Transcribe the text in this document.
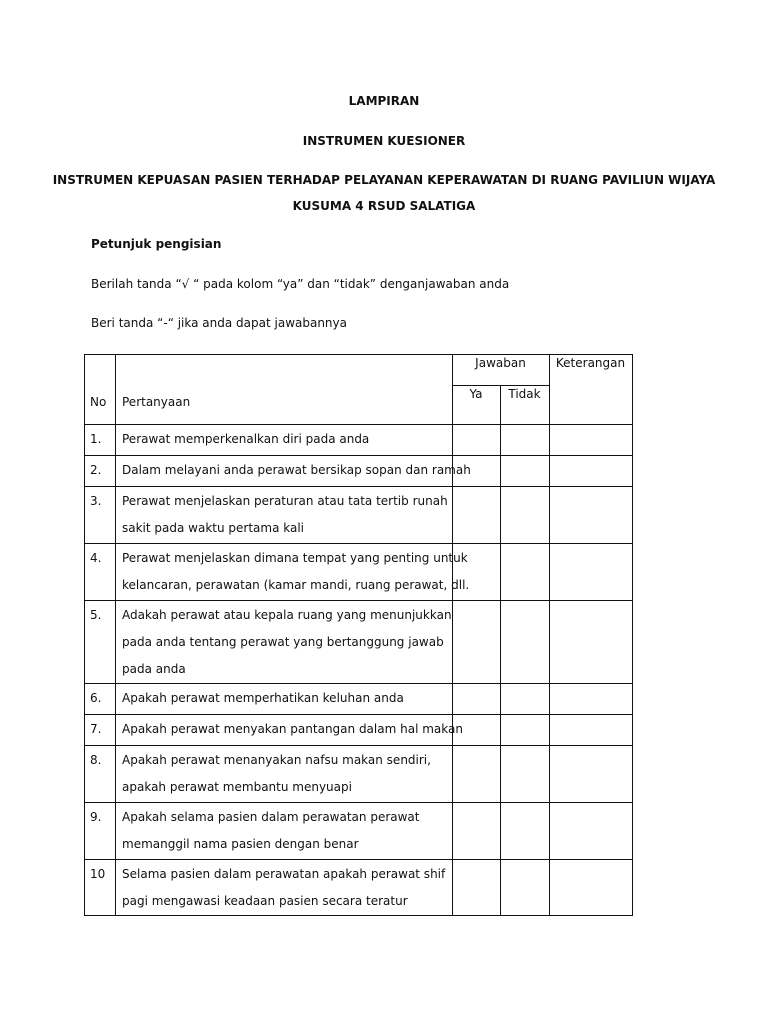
LAMPIRAN
INSTRUMEN KUESIONER
INSTRUMEN KEPUASAN PASIEN TERHADAP PELAYANAN KEPERAWATAN DI RUANG PAVILIUN WIJAYA
KUSUMA 4 RSUD SALATIGA
Petunjuk pengisian
Berilah tanda “√ “ pada kolom “ya” dan “tidak” denganjawaban anda
Beri tanda “-“ jika anda dapat jawabannya
No Pertanyaan
Jawaban
Ya	Tidak
Keterangan
1. Perawat memperkenalkan diri pada anda
2. Dalam melayani anda perawat bersikap sopan dan ramah
3. Perawat menjelaskan peraturan atau tata tertib runah
sakit pada waktu pertama kali
4. Perawat menjelaskan dimana tempat yang penting untuk
kelancaran, perawatan (kamar mandi, ruang perawat, dll.
5. Adakah perawat atau kepala ruang yang menunjukkan
pada anda tentang perawat yang bertanggung jawab
pada anda
6. Apakah perawat memperhatikan keluhan anda
7. Apakah perawat menyakan pantangan dalam hal makan
8. Apakah perawat menanyakan nafsu makan sendiri,
apakah perawat membantu menyuapi
9. Apakah selama pasien dalam perawatan perawat
memanggil nama pasien dengan benar
10 Selama pasien dalam perawatan apakah perawat shif
pagi mengawasi keadaan pasien secara teratur
